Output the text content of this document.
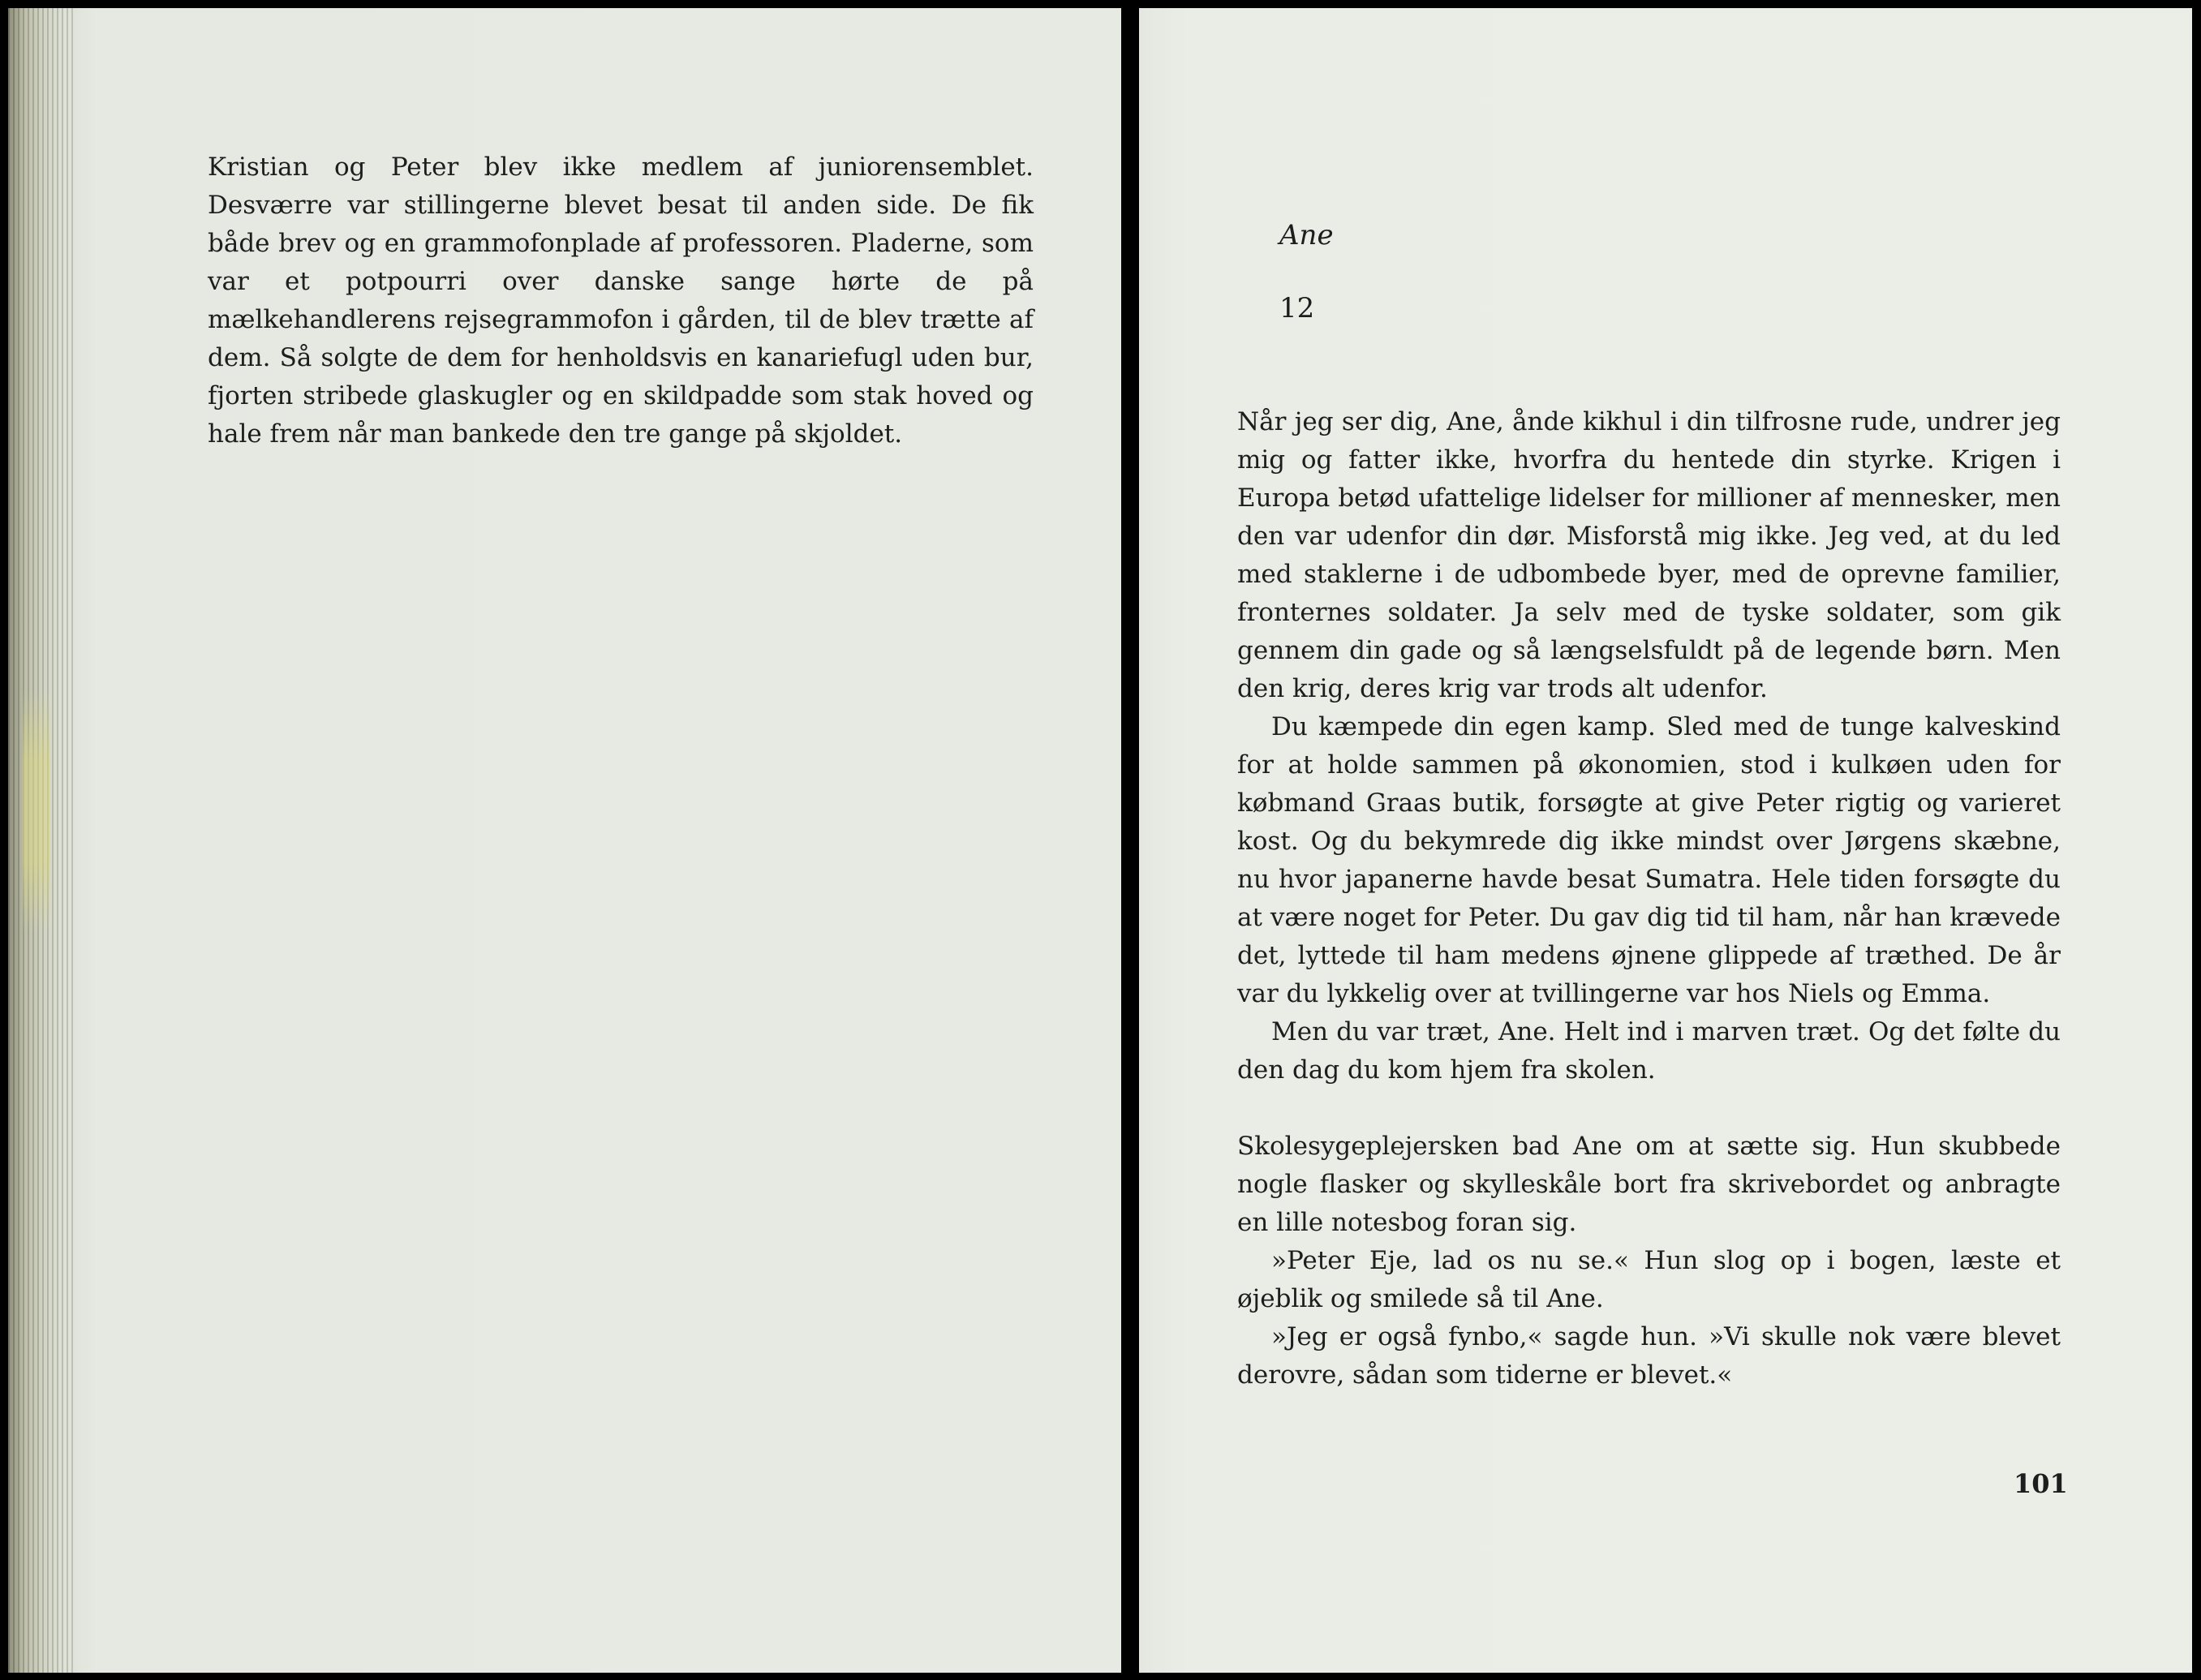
Kristian og Peter blev ikke medlem af juniorensemblet. Desværre var stillingerne blevet besat til anden side. De fik både brev og en grammofonplade af professoren. Pladerne, som var et potpourri over danske sange hørte de på mælkehandlerens rejsegrammofon i gården, til de blev trætte af dem. Så solgte de dem for henholdsvis en kanariefugl uden bur, fjorten stribede glaskugler og en skildpadde som stak hoved og hale frem når man bankede den tre gange på skjoldet.

Ane
12

Når jeg ser dig, Ane, ånde kikhul i din tilfrosne rude, undrer jeg mig og fatter ikke, hvorfra du hentede din styrke. Krigen i Europa betød ufattelige lidelser for millioner af mennesker, men den var udenfor din dør. Misforstå mig ikke. Jeg ved, at du led med staklerne i de udbombede byer, med de oprevne familier, fronternes soldater. Ja selv med de tyske soldater, som gik gennem din gade og så længselsfuldt på de legende børn. Men den krig, deres krig var trods alt udenfor.

Du kæmpede din egen kamp. Sled med de tunge kalveskind for at holde sammen på økonomien, stod i kulkøen uden for købmand Graas butik, forsøgte at give Peter rigtig og varieret kost. Og du bekymrede dig ikke mindst over Jørgens skæbne, nu hvor japanerne havde besat Sumatra. Hele tiden forsøgte du at være noget for Peter. Du gav dig tid til ham, når han krævede det, lyttede til ham medens øjnene glippede af træthed. De år var du lykkelig over at tvillingerne var hos Niels og Emma.

Men du var træt, Ane. Helt ind i marven træt. Og det følte du den dag du kom hjem fra skolen.

Skolesygeplejersken bad Ane om at sætte sig. Hun skubbede nogle flasker og skylleskåle bort fra skrivebordet og anbragte en lille notesbog foran sig.

»Peter Eje, lad os nu se.« Hun slog op i bogen, læste et øjeblik og smilede så til Ane.

»Jeg er også fynbo,« sagde hun. »Vi skulle nok være blevet derovre, sådan som tiderne er blevet.«

101
